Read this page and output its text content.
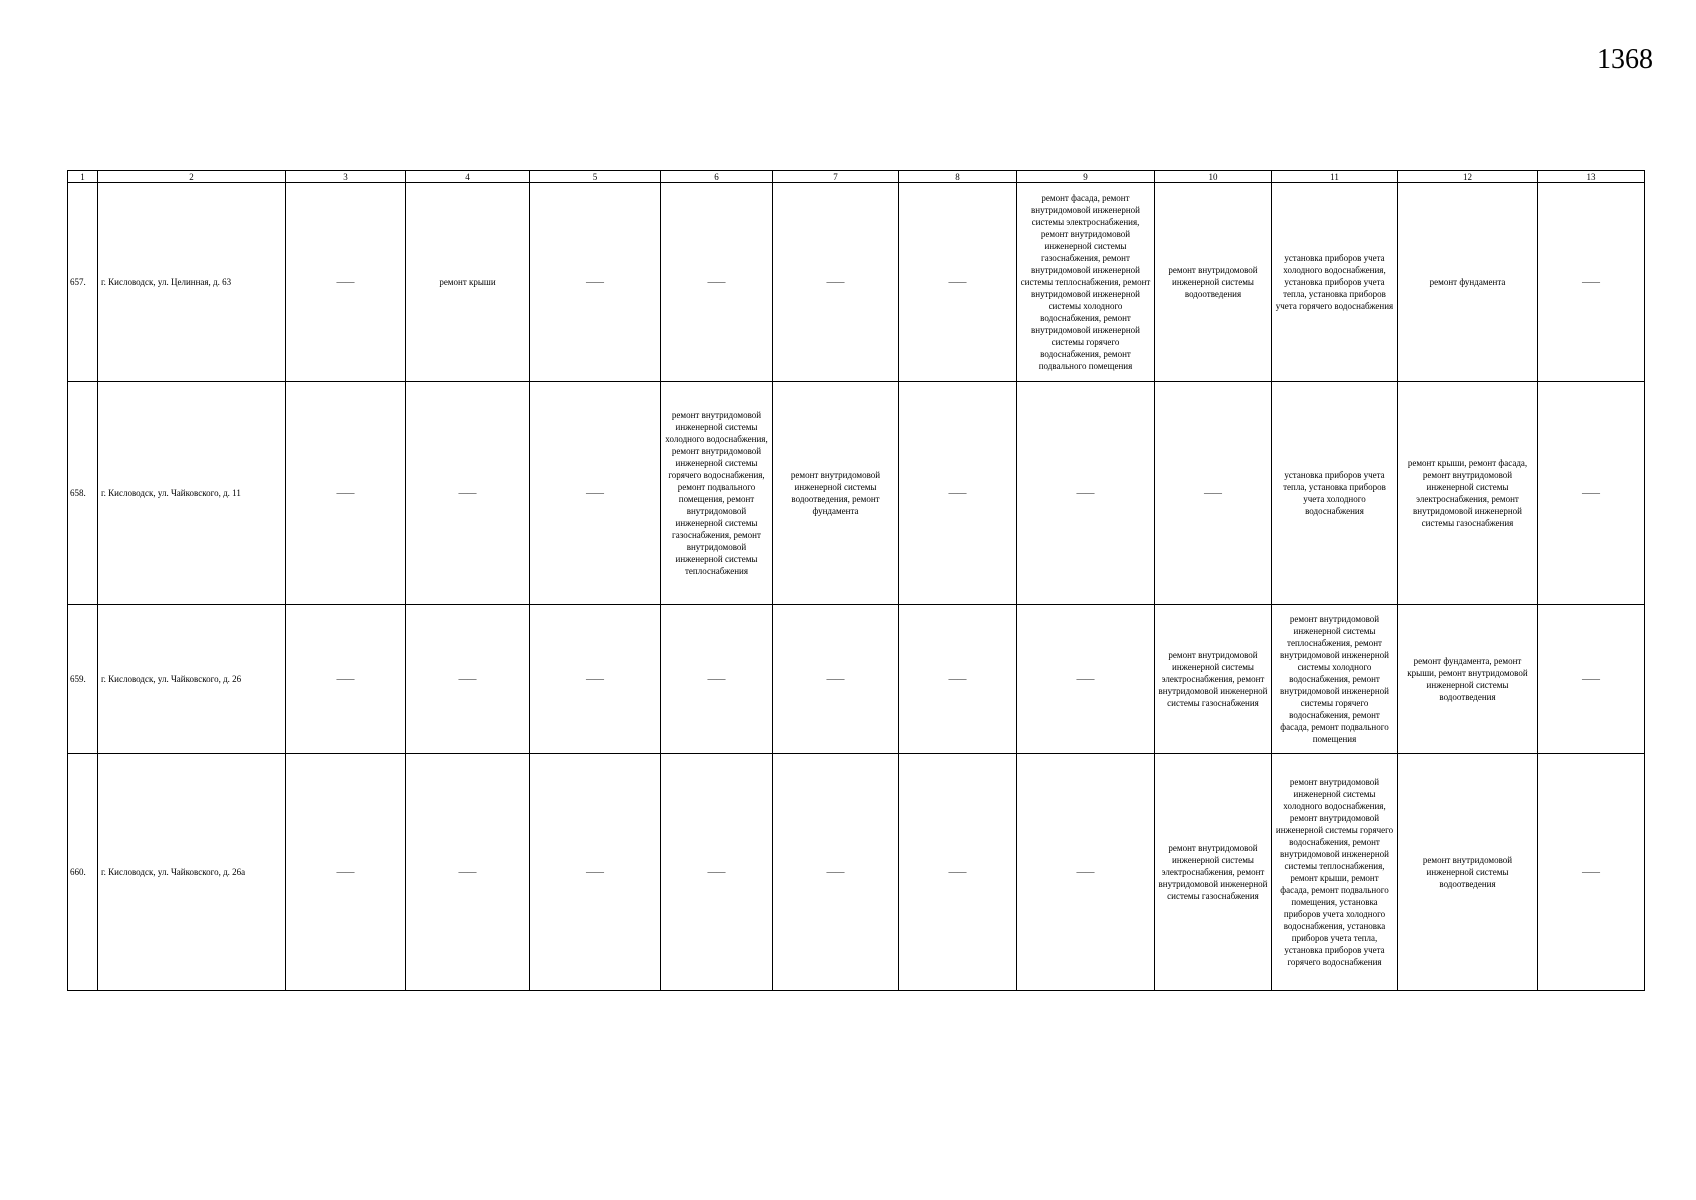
1368
1	2	3	4	5	6	7	8	9	10	11	12	13
657.	г. Кисловодск, ул. Целинная, д. 63	——	ремонт крыши	——	——	——	——	ремонт фасада, ремонт внутридомовой инженерной системы электроснабжения, ремонт внутридомовой инженерной системы газоснабжения, ремонт внутридомовой инженерной системы теплоснабжения, ремонт внутридомовой инженерной системы холодного водоснабжения, ремонт внутридомовой инженерной системы горячего водоснабжения, ремонт подвального помещения	ремонт внутридомовой инженерной системы водоотведения	установка приборов учета холодного водоснабжения, установка приборов учета тепла, установка приборов учета горячего водоснабжения	ремонт фундамента	——
658.	г. Кисловодск, ул. Чайковского, д. 11	——	——	——	ремонт внутридомовой инженерной системы холодного водоснабжения, ремонт внутридомовой инженерной системы горячего водоснабжения, ремонт подвального помещения, ремонт внутридомовой инженерной системы газоснабжения, ремонт внутридомовой инженерной системы теплоснабжения	ремонт внутридомовой инженерной системы водоотведения, ремонт фундамента	——	——	——	установка приборов учета тепла, установка приборов учета холодного водоснабжения	ремонт крыши, ремонт фасада, ремонт внутридомовой инженерной системы электроснабжения, ремонт внутридомовой инженерной системы газоснабжения	——
659.	г. Кисловодск, ул. Чайковского, д. 26	——	——	——	——	——	——	——	ремонт внутридомовой инженерной системы электроснабжения, ремонт внутридомовой инженерной системы газоснабжения	ремонт внутридомовой инженерной системы теплоснабжения, ремонт внутридомовой инженерной системы холодного водоснабжения, ремонт внутридомовой инженерной системы горячего водоснабжения, ремонт фасада, ремонт подвального помещения	ремонт фундамента, ремонт крыши, ремонт внутридомовой инженерной системы водоотведения	——
660.	г. Кисловодск, ул. Чайковского, д. 26а	——	——	——	——	——	——	——	ремонт внутридомовой инженерной системы электроснабжения, ремонт внутридомовой инженерной системы газоснабжения	ремонт внутридомовой инженерной системы холодного водоснабжения, ремонт внутридомовой инженерной системы горячего водоснабжения, ремонт внутридомовой инженерной системы теплоснабжения, ремонт крыши, ремонт фасада, ремонт подвального помещения, установка приборов учета холодного водоснабжения, установка приборов учета тепла, установка приборов учета горячего водоснабжения	ремонт внутридомовой инженерной системы водоотведения	——
